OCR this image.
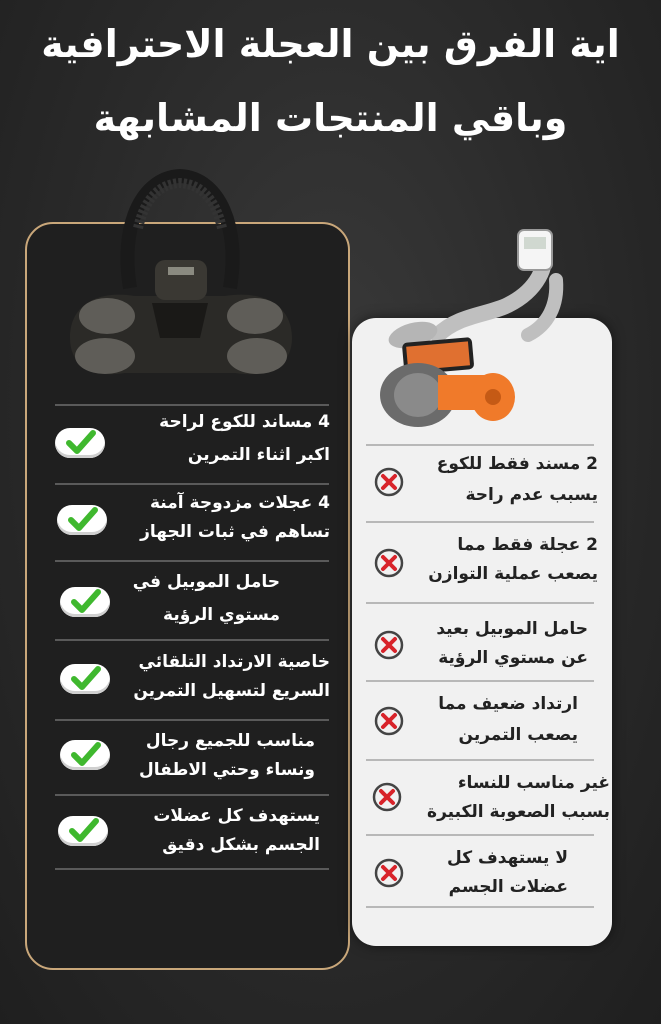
اية الفرق بين العجلة الاحترافية
وباقي المنتجات المشابهة
4 مساند للكوع لراحة
اكبر اثناء التمرين
4 عجلات مزدوجة آمنة
تساهم في ثبات الجهاز
حامل الموبيل في
مستوي الرؤية
خاصية الارتداد التلقائي
السريع لتسهيل التمرين
مناسب للجميع رجال
ونساء وحتي الاطفال
يستهدف كل عضلات
الجسم بشكل دقيق
2 مسند فقط للكوع
يسبب عدم راحة
2 عجلة فقط مما
يصعب عملية التوازن
حامل الموبيل بعيد
عن مستوي الرؤية
ارتداد ضعيف مما
يصعب التمرين
غير مناسب للنساء
بسبب الصعوبة الكبيرة
لا يستهدف كل
عضلات الجسم
